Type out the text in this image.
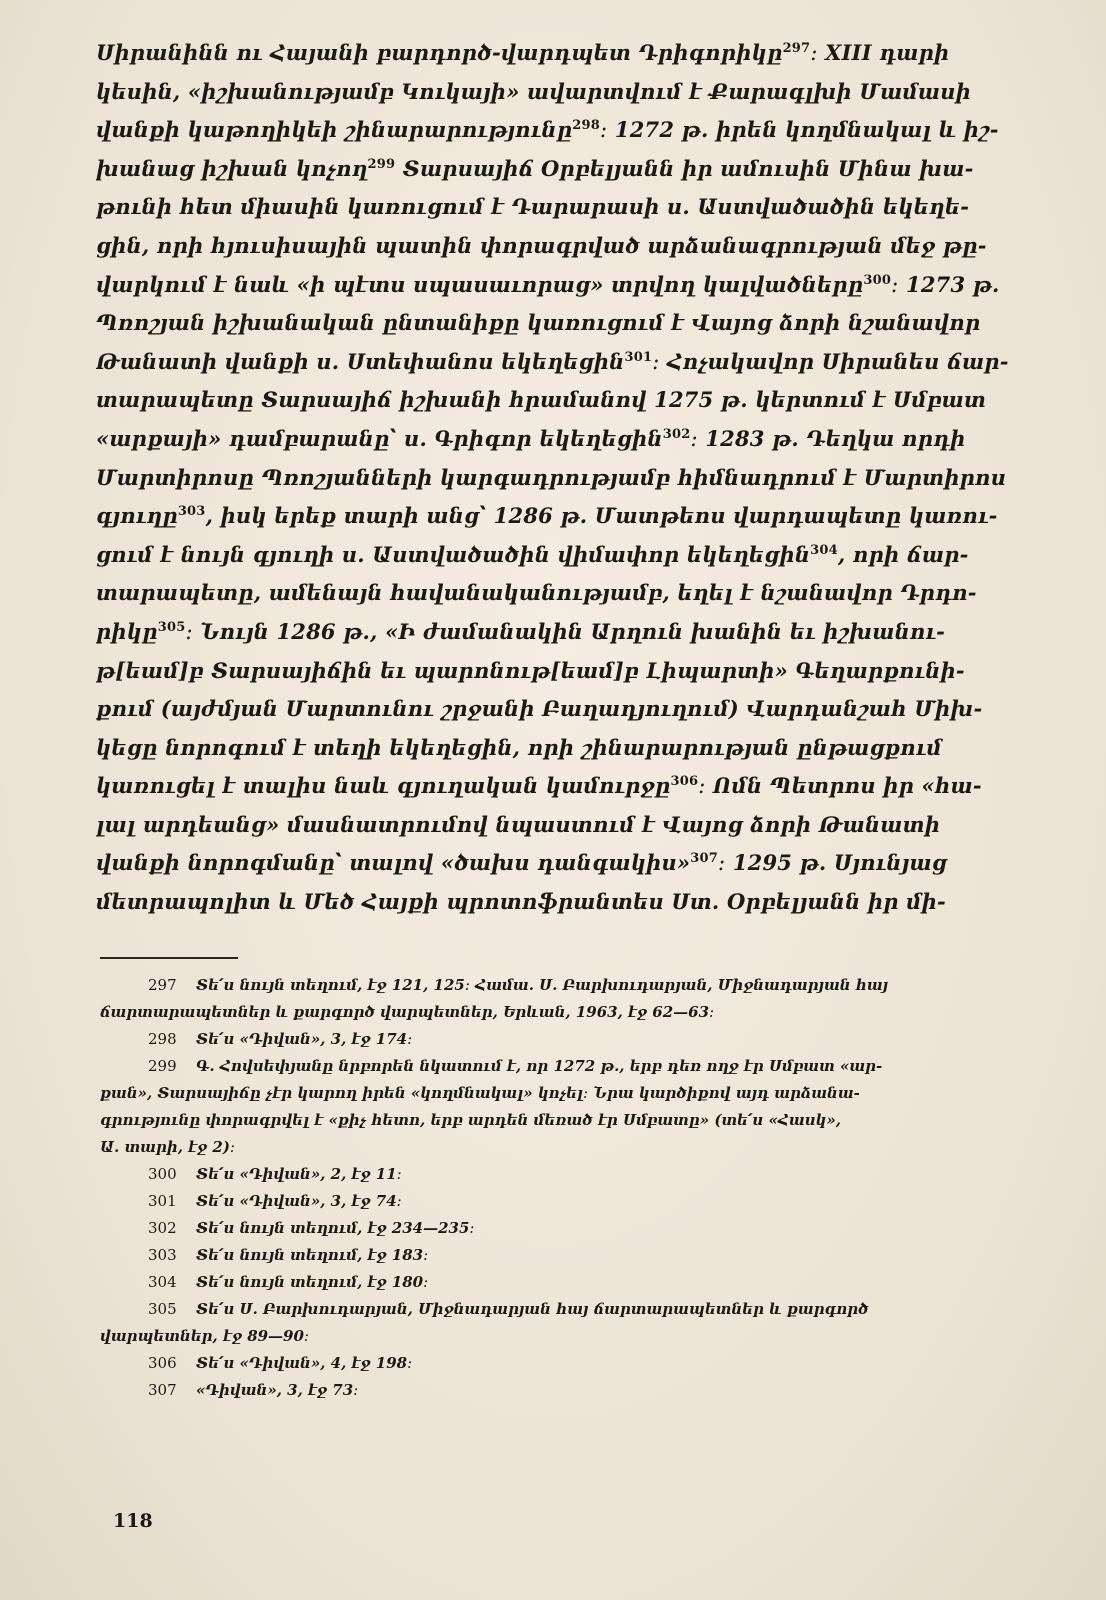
Սիրանինն ու Հայանի բարդործ-վարդպետ Դրիգորիկը$^{297}$։ XIII դարի
կեսին, «իշխանությամբ Կուկայի» ավարտվում է Քարագլխի Մամասի
վանքի կաթողիկեի շինարարությունը$^{298}$։ 1272 թ. իրեն կողմնակալ և իշ-
խանաց իշխան կոչող$^{299}$ Տարսայիճ Օրբելյանն իր ամուսին Մինա խա-
թունի հետ միասին կառուցում է Դարարասի ս. Աստվածածին եկեղե-
ցին, որի հյուսիսային պատին փորագրված արձանագրության մեջ թը-
վարկում է նաև «ի պէտս սպասաւորաց» տրվող կալվածները$^{300}$։ 1273 թ.
Պռոշյան իշխանական ընտանիքը կառուցում է Վայոց ձորի նշանավոր
Թանատի վանքի ս. Ստեփանոս եկեղեցին$^{301}$։ Հոչակավոր Սիրանես ճար-
տարապետը Տարսայիճ իշխանի հրամանով 1275 թ. կերտում է Սմբատ
«արքայի» դամբարանը՝ ս. Գրիգոր եկեղեցին$^{302}$։ 1283 թ. Դեղկա որդի
Մարտիրոսը Պռոշյանների կարգադրությամբ հիմնադրում է Մարտիրոս
գյուղը$^{303}$, իսկ երեք տարի անց՝ 1286 թ. Մատթեոս վարդապետը կառու-
ցում է նույն գյուղի ս. Աստվածածին վիմափոր եկեղեցին$^{304}$, որի ճար-
տարապետը, ամենայն հավանականությամբ, եղել է նշանավոր Դրդո-
րիկը$^{305}$։ Նույն 1286 թ., «Ի ժամանակին Արղուն խանին եւ իշխանու-
թ[եամ]բ Տարսայիճին եւ պարոնութ[եամ]բ Լիպարտի» Գեղարքունի-
քում (այժմյան Մարտունու շրջանի Բաղադյուղում) Վարդանշահ Միխ-
կեցը նորոգում է տեղի եկեղեցին, որի շինարարության ընթացքում
կառուցել է տալիս նաև գյուղական կամուրջը$^{306}$։ Ոմն Պետրոս իր «հա-
լալ արդեանց» մասնատրումով նպաստում է Վայոց ձորի Թանատի
վանքի նորոգմանը՝ տալով «ծախս դանգակիս»$^{307}$։ 1295 թ. Սյունյաց
մետրապոլիտ և Մեծ Հայքի պրոտոֆրանտես Ստ. Օրբելյանն իր մի-
297 Տե՛ս նույն տեղում, էջ 121, 125։ Համա. Ս. Բարխուդարյան, Միջնադարյան հայ
ճարտարապետներ և քարգործ վարպետներ, Երևան, 1963, էջ 62—63։
298 Տե՛ս «Դիվան», 3, էջ 174։
299 Գ. Հովսեփյանը նրբորեն նկատում է, որ 1272 թ., երբ դեռ ողջ էր Սմբատ «ար-
քան», Տարսայիճը չէր կարող իրեն «կողմնակալ» կոչել։ Նրա կարծիքով այդ արձանա-
գրությունը փորագրվել է «քիչ հետո, երբ արդեն մեռած էր Սմբատը» (տե՛ս «Հասկ»,
Ա. տարի, էջ 2)։
300 Տե՛ս «Դիվան», 2, էջ 11։
301 Տե՛ս «Դիվան», 3, էջ 74։
302 Տե՛ս նույն տեղում, էջ 234—235։
303 Տե՛ս նույն տեղում, էջ 183։
304 Տե՛ս նույն տեղում, էջ 180։
305 Տե՛ս Ս. Բարխուդարյան, Միջնադարյան հայ ճարտարապետներ և քարգործ
վարպետներ, էջ 89—90։
306 Տե՛ս «Դիվան», 4, էջ 198։
307 «Դիվան», 3, էջ 73։
118
